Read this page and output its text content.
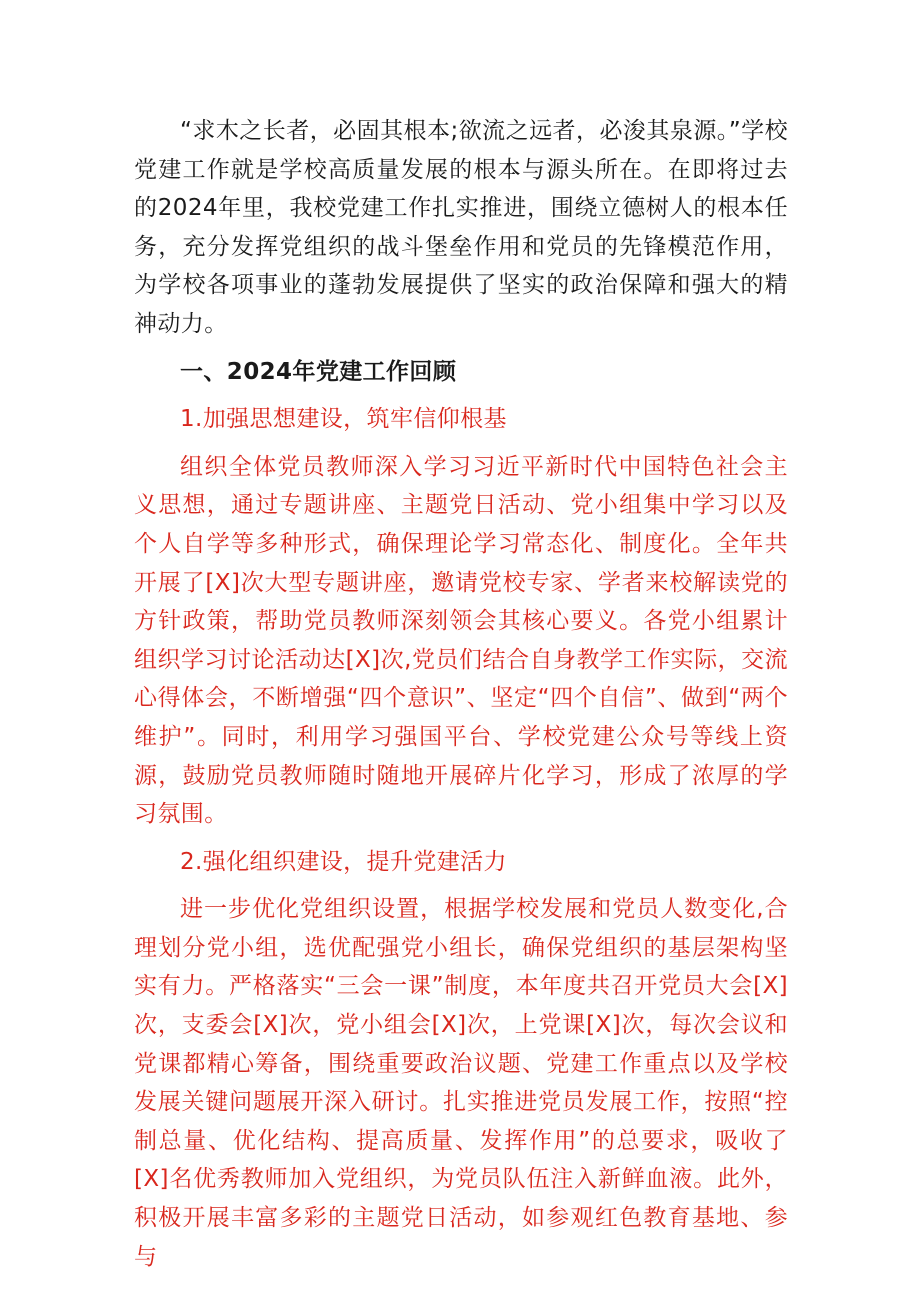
“求木之长者，必固其根本;欲流之远者，必浚其泉源。”学校党建工作就是学校高质量发展的根本与源头所在。在即将过去的2024年里，我校党建工作扎实推进，围绕立德树人的根本任务，充分发挥党组织的战斗堡垒作用和党员的先锋模范作用，为学校各项事业的蓬勃发展提供了坚实的政治保障和强大的精神动力。

一、2024年党建工作回顾

1.加强思想建设，筑牢信仰根基

组织全体党员教师深入学习习近平新时代中国特色社会主义思想，通过专题讲座、主题党日活动、党小组集中学习以及个人自学等多种形式，确保理论学习常态化、制度化。全年共开展了[X]次大型专题讲座，邀请党校专家、学者来校解读党的方针政策，帮助党员教师深刻领会其核心要义。各党小组累计组织学习讨论活动达[X]次,党员们结合自身教学工作实际，交流心得体会，不断增强“四个意识”、坚定“四个自信”、做到“两个维护”。同时，利用学习强国平台、学校党建公众号等线上资源，鼓励党员教师随时随地开展碎片化学习，形成了浓厚的学习氛围。

2.强化组织建设，提升党建活力

进一步优化党组织设置，根据学校发展和党员人数变化,合理划分党小组，选优配强党小组长，确保党组织的基层架构坚实有力。严格落实“三会一课”制度，本年度共召开党员大会[X]次，支委会[X]次，党小组会[X]次，上党课[X]次，每次会议和党课都精心筹备，围绕重要政治议题、党建工作重点以及学校发展关键问题展开深入研讨。扎实推进党员发展工作，按照“控制总量、优化结构、提高质量、发挥作用”的总要求，吸收了[X]名优秀教师加入党组织，为党员队伍注入新鲜血液。此外，积极开展丰富多彩的主题党日活动，如参观红色教育基地、参与
